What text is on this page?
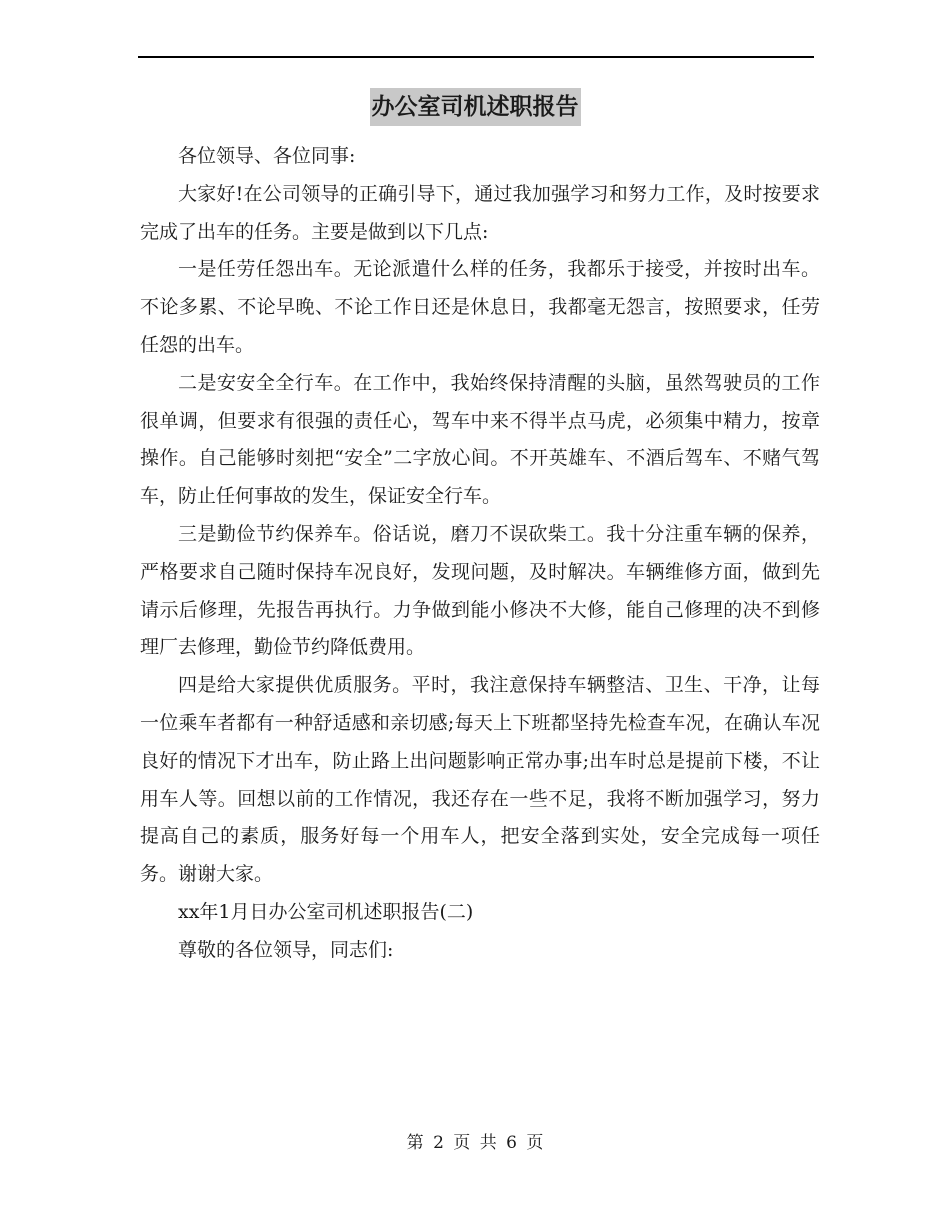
办公室司机述职报告

各位领导、各位同事:

大家好!在公司领导的正确引导下，通过我加强学习和努力工作，及时按要求完成了出车的任务。主要是做到以下几点:

一是任劳任怨出车。无论派遣什么样的任务，我都乐于接受，并按时出车。不论多累、不论早晚、不论工作日还是休息日，我都毫无怨言，按照要求，任劳任怨的出车。

二是安安全全行车。在工作中，我始终保持清醒的头脑，虽然驾驶员的工作很单调，但要求有很强的责任心，驾车中来不得半点马虎，必须集中精力，按章操作。自己能够时刻把“安全”二字放心间。不开英雄车、不酒后驾车、不赌气驾车，防止任何事故的发生，保证安全行车。

三是勤俭节约保养车。俗话说，磨刀不误砍柴工。我十分注重车辆的保养，严格要求自己随时保持车况良好，发现问题，及时解决。车辆维修方面，做到先请示后修理，先报告再执行。力争做到能小修决不大修，能自己修理的决不到修理厂去修理，勤俭节约降低费用。

四是给大家提供优质服务。平时，我注意保持车辆整洁、卫生、干净，让每一位乘车者都有一种舒适感和亲切感;每天上下班都坚持先检查车况，在确认车况良好的情况下才出车，防止路上出问题影响正常办事;出车时总是提前下楼，不让用车人等。回想以前的工作情况，我还存在一些不足，我将不断加强学习，努力提高自己的素质，服务好每一个用车人，把安全落到实处，安全完成每一项任务。谢谢大家。

xx年1月日办公室司机述职报告(二)

尊敬的各位领导，同志们:

第 2 页 共 6 页
